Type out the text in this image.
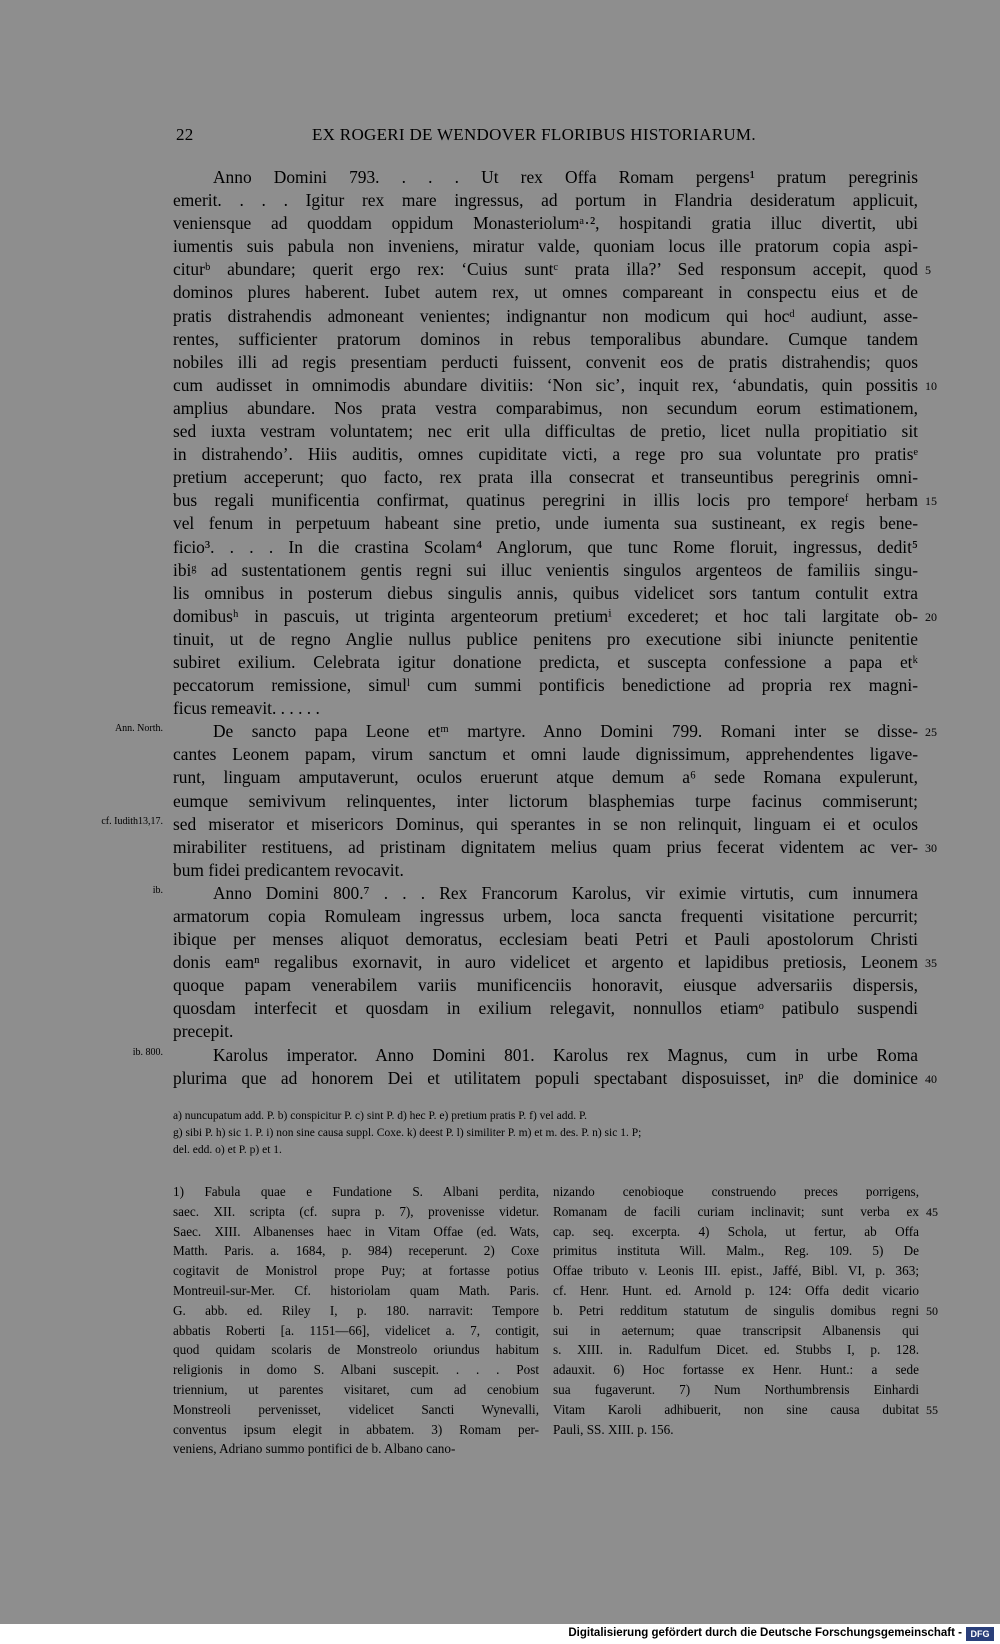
22	EX ROGERI DE WENDOVER FLORIBUS HISTORIARUM.
Anno Domini 793. . . . Ut rex Offa Romam pergens¹ pratum peregrinis
emerit. . . . Igitur rex mare ingressus, ad portum in Flandria desideratum applicuit,
veniensque ad quoddam oppidum Monasteriolumᵃ·², hospitandi gratia illuc divertit, ubi
iumentis suis pabula non inveniens, miratur valde, quoniam locus ille pratorum copia aspi-
citurᵇ abundare; querit ergo rex: ‘Cuius suntᶜ prata illa?’ Sed responsum accepit, quod 5
dominos plures haberent. Iubet autem rex, ut omnes compareant in conspectu eius et de
pratis distrahendis admoneant venientes; indignantur non modicum qui hocᵈ audiunt, asse-
rentes, sufficienter pratorum dominos in rebus temporalibus abundare. Cumque tandem
nobiles illi ad regis presentiam perducti fuissent, convenit eos de pratis distrahendis; quos
cum audisset in omnimodis abundare divitiis: ‘Non sic’, inquit rex, ‘abundatis, quin possitis 10
amplius abundare. Nos prata vestra comparabimus, non secundum eorum estimationem,
sed iuxta vestram voluntatem; nec erit ulla difficultas de pretio, licet nulla propitiatio sit
in distrahendo’. Hiis auditis, omnes cupiditate victi, a rege pro sua voluntate pro pratisᵉ
pretium acceperunt; quo facto, rex prata illa consecrat et transeuntibus peregrinis omni-
bus regali munificentia confirmat, quatinus peregrini in illis locis pro temporeᶠ herbam 15
vel fenum in perpetuum habeant sine pretio, unde iumenta sua sustineant, ex regis bene-
ficio³. . . . In die crastina Scolam⁴ Anglorum, que tunc Rome floruit, ingressus, dedit⁵
ibiᵍ ad sustentationem gentis regni sui illuc venientis singulos argenteos de familiis singu-
lis omnibus in posterum diebus singulis annis, quibus videlicet sors tantum contulit extra
domibusʰ in pascuis, ut triginta argenteorum pretiumⁱ excederet; et hoc tali largitate ob- 20
tinuit, ut de regno Anglie nullus publice penitens pro executione sibi iniuncte penitentie
subiret exilium. Celebrata igitur donatione predicta, et suscepta confessione a papa etᵏ
peccatorum remissione, simulˡ cum summi pontificis benedictione ad propria rex magni-
ficus remeavit. . . . . .
De sancto papa Leone etᵐ martyre. Anno Domini 799. Romani inter se disse- 25
Ann. North.
cantes Leonem papam, virum sanctum et omni laude dignissimum, apprehendentes ligave-
runt, linguam amputaverunt, oculos eruerunt atque demum a⁶ sede Romana expulerunt,
eumque semivivum relinquentes, inter lictorum blasphemias turpe facinus commiserunt;
sed miserator et misericors Dominus, qui sperantes in se non relinquit, linguam ei et oculos
cf. Iudith13,17.
mirabiliter restituens, ad pristinam dignitatem melius quam prius fecerat videntem ac ver- 30
bum fidei predicantem revocavit.
Anno Domini 800.⁷ . . . Rex Francorum Karolus, vir eximie virtutis, cum innumera
ib.
armatorum copia Romuleam ingressus urbem, loca sancta frequenti visitatione percurrit;
ibique per menses aliquot demoratus, ecclesiam beati Petri et Pauli apostolorum Christi
donis eamⁿ regalibus exornavit, in auro videlicet et argento et lapidibus pretiosis, Leonem 35
quoque papam venerabilem variis munificenciis honoravit, eiusque adversariis dispersis,
quosdam interfecit et quosdam in exilium relegavit, nonnullos etiamᵒ patibulo suspendi
precepit.
Karolus imperator. Anno Domini 801. Karolus rex Magnus, cum in urbe Roma
ib. 800.
plurima que ad honorem Dei et utilitatem populi spectabant disposuisset, inᵖ die dominice 40
a) nuncupatum add. P. b) conspicitur P. c) sint P. d) hec P. e) pretium pratis P. f) vel add. P.
g) sibi P. h) sic 1. P. i) non sine causa suppl. Coxe. k) deest P. l) similiter P. m) et m. des. P. n) sic 1. P;
del. edd. o) et P. p) et 1.
1) Fabula quae e Fundatione S. Albani perdita,
saec. XII. scripta (cf. supra p. 7), provenisse videtur.
Saec. XIII. Albanenses haec in Vitam Offae (ed. Wats,
Matth. Paris. a. 1684, p. 984) receperunt. 2) Coxe
cogitavit de Monistrol prope Puy; at fortasse potius
Montreuil-sur-Mer. Cf. historiolam quam Math. Paris.
G. abb. ed. Riley I, p. 180. narravit: Tempore
abbatis Roberti [a. 1151—66], videlicet a. 7, contigit,
quod quidam scolaris de Monstreolo oriundus habitum
religionis in domo S. Albani suscepit. . . . Post
triennium, ut parentes visitaret, cum ad cenobium
Monstreoli pervenisset, videlicet Sancti Wynevalli,
conventus ipsum elegit in abbatem. 3) Romam per-
veniens, Adriano summo pontifici de b. Albano cano-
nizando cenobioque construendo preces porrigens,
Romanam de facili curiam inclinavit; sunt verba ex 45
cap. seq. excerpta. 4) Schola, ut fertur, ab Offa
primitus instituta Will. Malm., Reg. 109. 5) De
Offae tributo v. Leonis III. epist., Jaffé, Bibl. VI, p. 363;
cf. Henr. Hunt. ed. Arnold p. 124: Offa dedit vicario
b. Petri redditum statutum de singulis domibus regni 50
sui in aeternum; quae transcripsit Albanensis qui
s. XIII. in. Radulfum Dicet. ed. Stubbs I, p. 128.
adauxit. 6) Hoc fortasse ex Henr. Hunt.: a sede
sua fugaverunt. 7) Num Northumbrensis Einhardi
Vitam Karoli adhibuerit, non sine causa dubitat 55
Pauli, SS. XIII. p. 156.
Digitalisierung gefördert durch die Deutsche Forschungsgemeinschaft - DFG
